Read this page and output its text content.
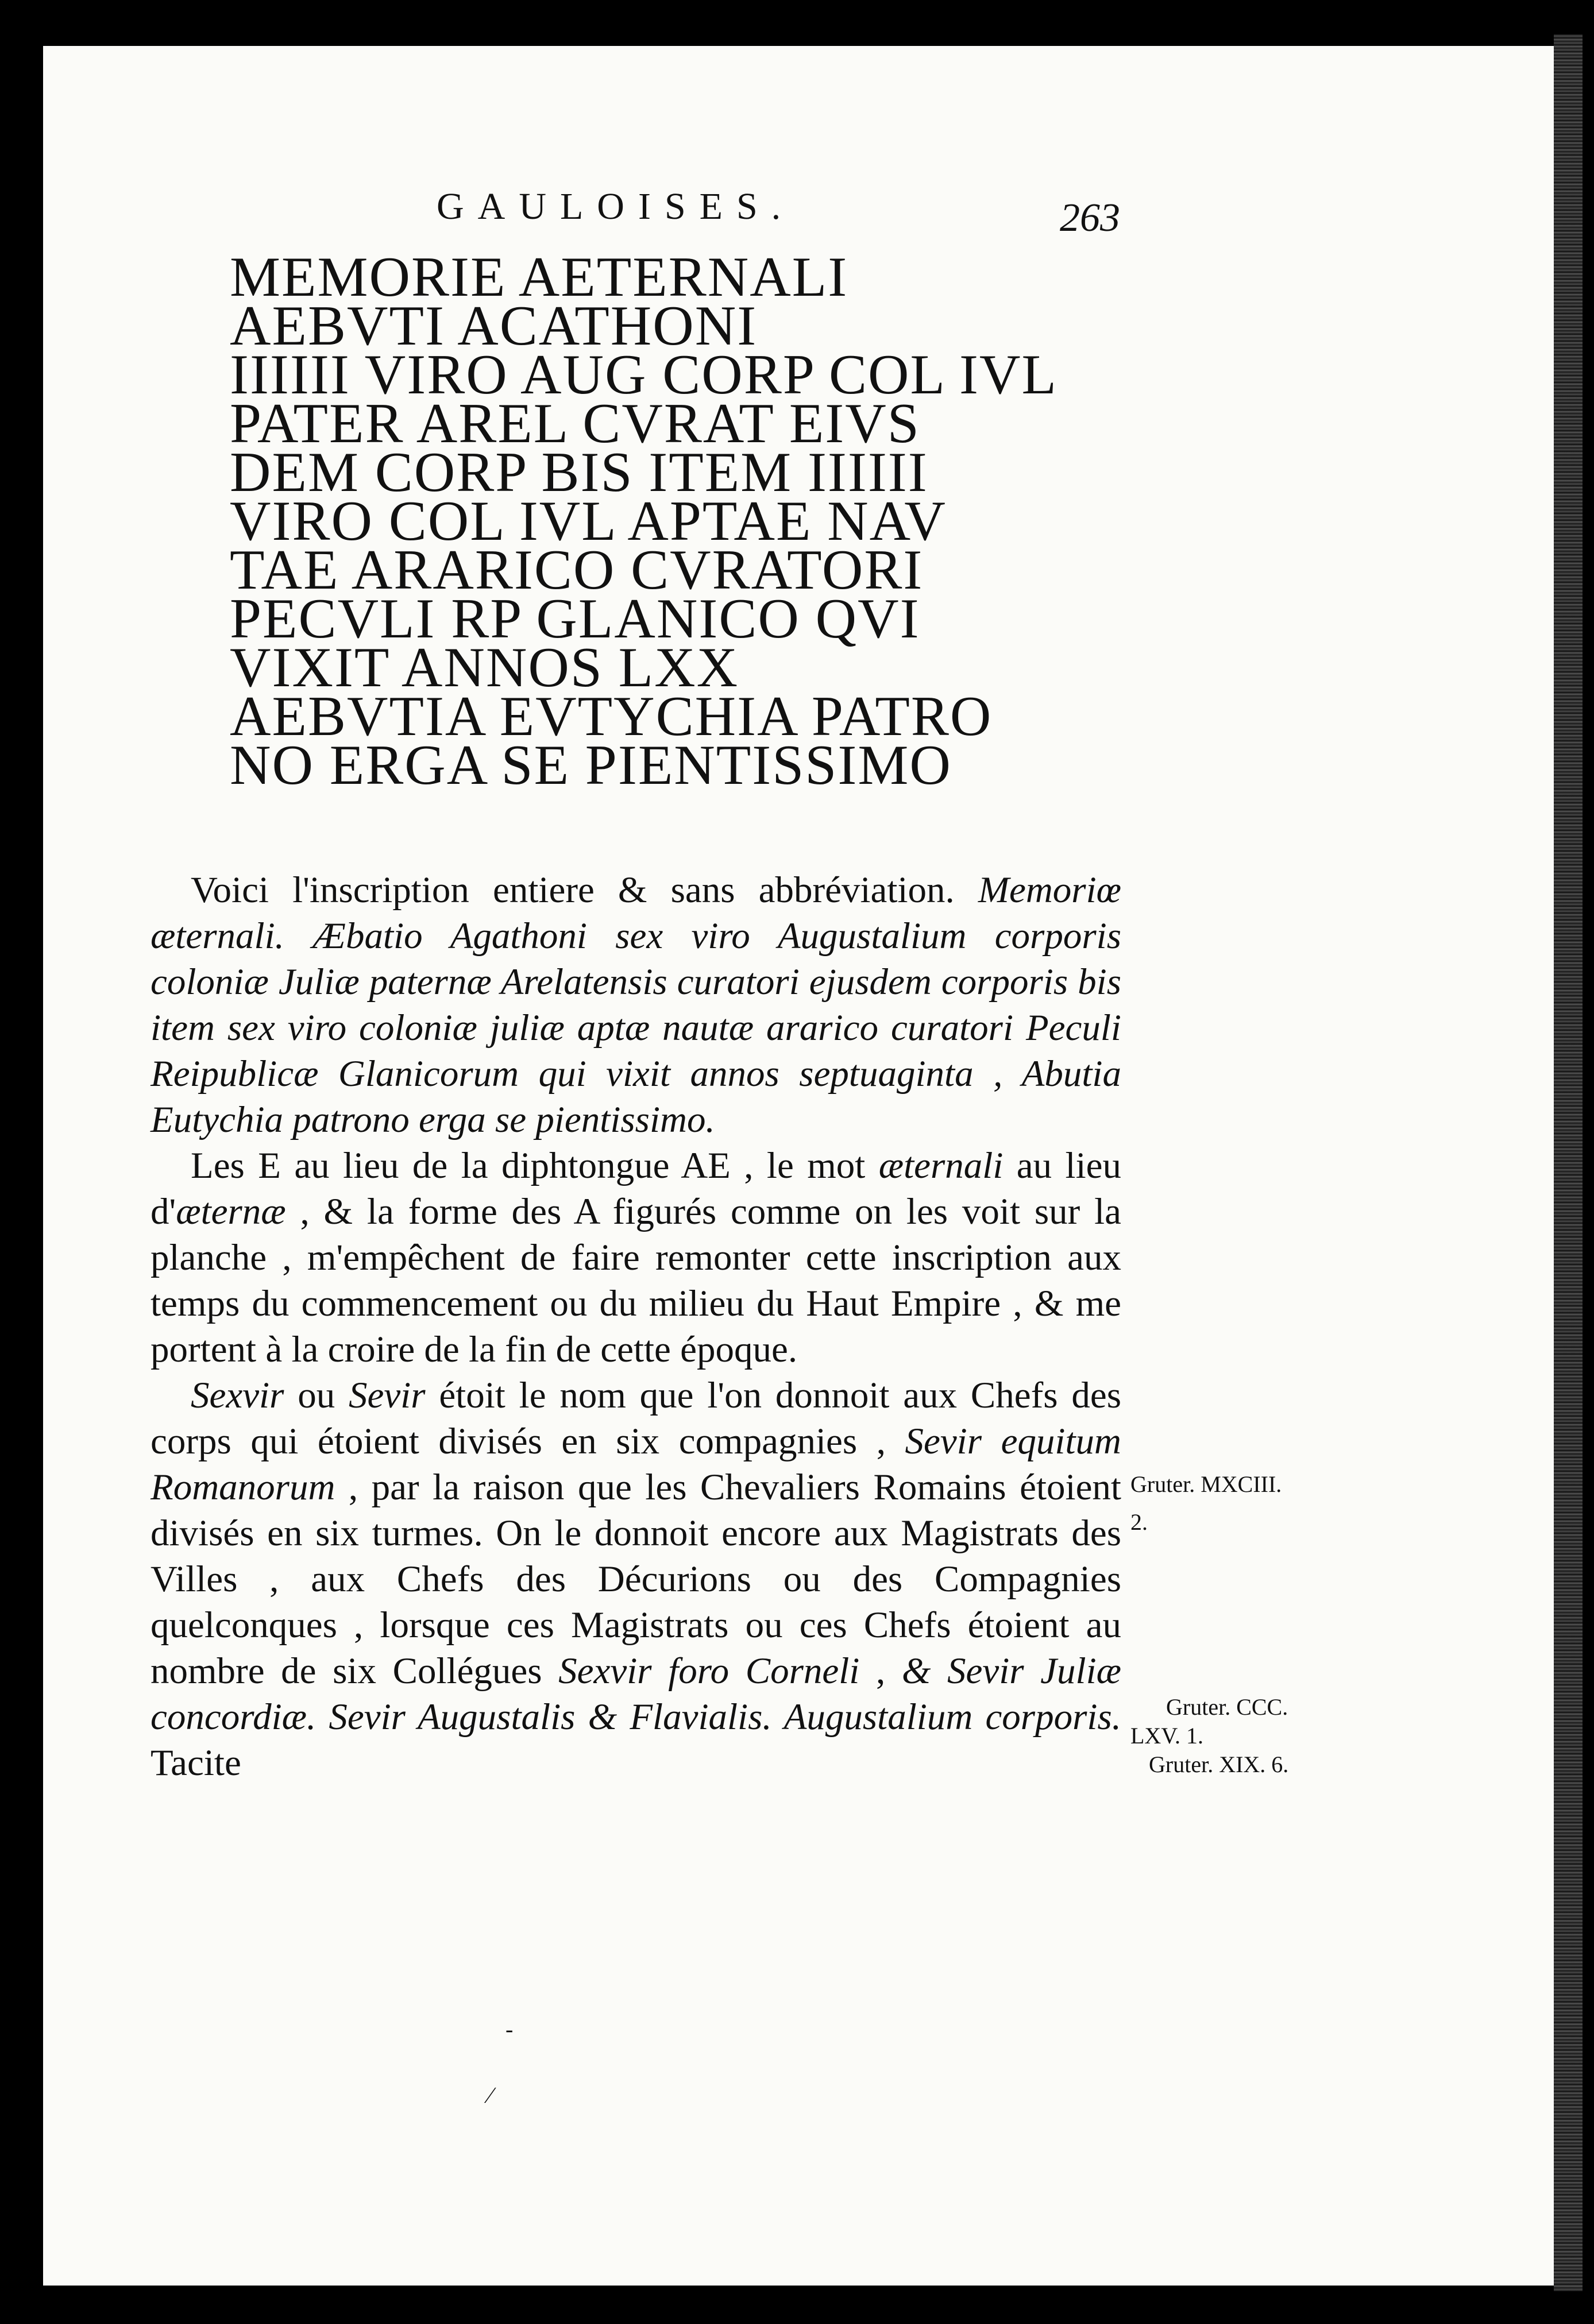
GAULOISES.	263
MEMORIE AETERNALI
AEBVTI ACATHONI
IIIIII VIRO AUG CORP COL IVL
PATER AREL CVRAT EIVS
DEM CORP BIS ITEM IIIIII
VIRO COL IVL APTAE NAV
TAE ARARICO CVRATORI
PECVLI RP GLANICO QVI
VIXIT ANNOS LXX
AEBVTIA EVTYCHIA PATRO
NO ERGA SE PIENTISSIMO

Voici l'inscription entiere & sans abbréviation. Memoriœ æternali. Æbatio Agathoni sex viro Augustalium corporis coloniæ Juliæ paternæ Arelatensis curatori ejusdem corporis bis item sex viro coloniæ juliæ aptæ nautæ ararico curatori Peculi Reipublicæ Glanicorum qui vixit annos septuaginta , Abutia Eutychia patrono erga se pientissimo.

Les E au lieu de la diphtongue AE , le mot æternali au lieu d'æternæ , & la forme des A figurés comme on les voit sur la planche , m'empêchent de faire remonter cette inscription aux temps du commencement ou du milieu du Haut Empire , & me portent à la croire de la fin de cette époque.

Sexvir ou Sevir étoit le nom que l'on donnoit aux Chefs des corps qui étoient divisés en six compagnies , Sevir equitum Romanorum , par la raison que les Chevaliers Romains étoient divisés en six turmes. On le donnoit encore aux Magistrats des Villes , aux Chefs des Décurions ou des Compagnies quelconques , lorsque ces Magistrats ou ces Chefs étoient au nombre de six Collégues Sexvir foro Corneli , & Sevir Juliæ concordiæ. Sevir Augustalis & Flavialis. Augustalium corporis. Tacite

Gruter. MXCIII.
2.
Gruter. CCC.
LXV. 1.
Gruter. XIX. 6.
-
⁄
